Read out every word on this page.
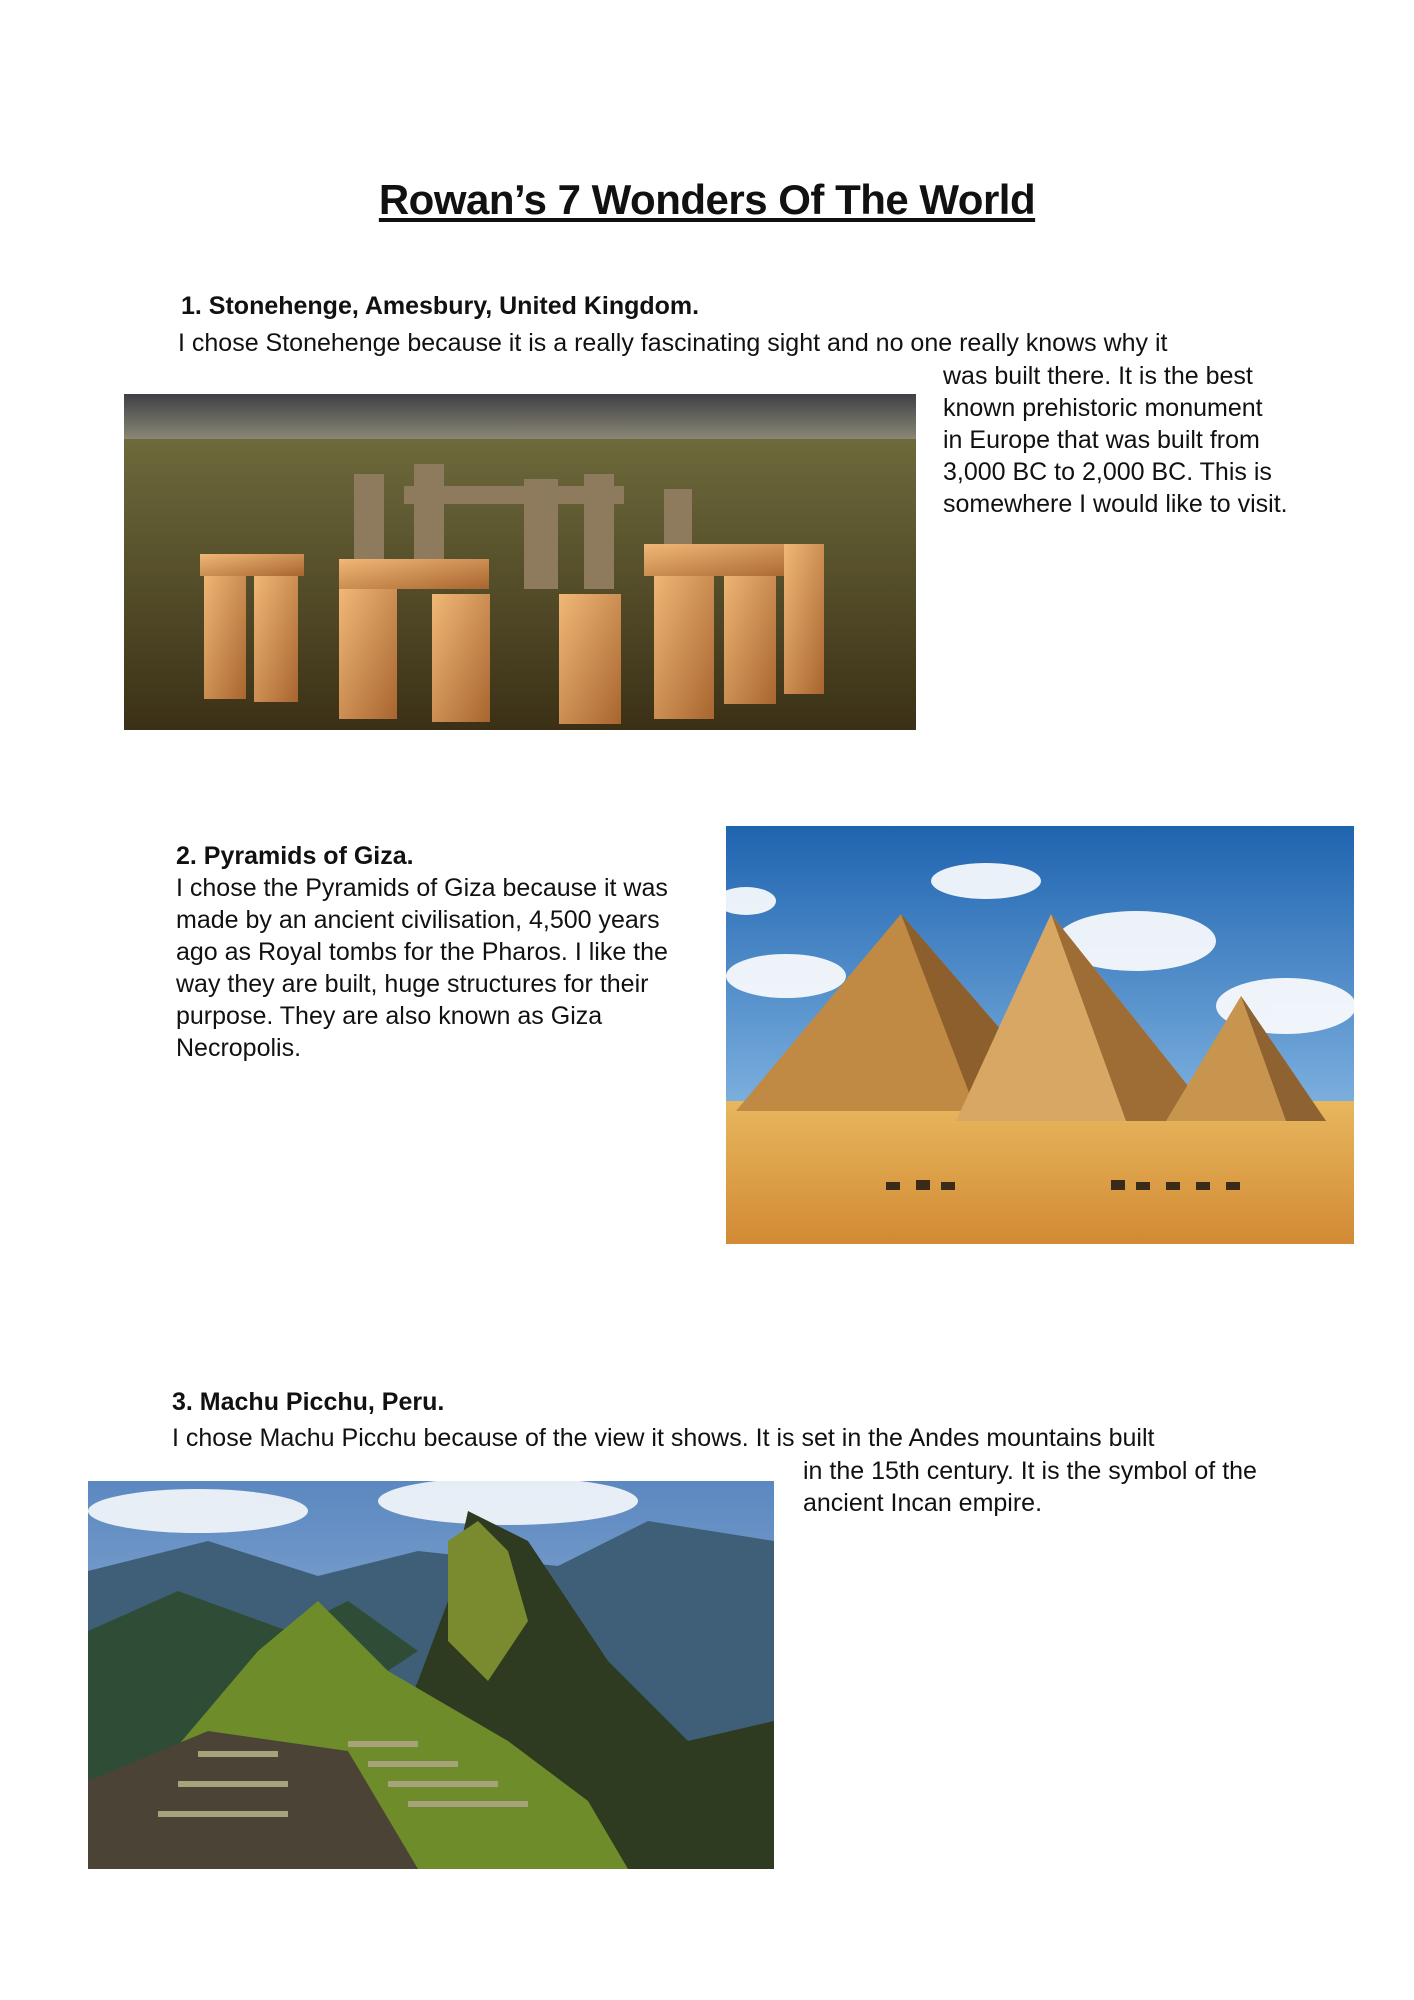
Rowan’s 7 Wonders Of The World
1. Stonehenge, Amesbury, United Kingdom.

I chose Stonehenge because it is a really fascinating sight and no one really knows why it

was built there. It is the best known prehistoric monument in Europe that was built from 3,000 BC to 2,000 BC. This is somewhere I would like to visit.

2. Pyramids of Giza.

I chose the Pyramids of Giza because it was made by an ancient civilisation, 4,500 years ago as Royal tombs for the Pharos. I like the way they are built, huge structures for their purpose. They are also known as Giza Necropolis.

3. Machu Picchu, Peru.

I chose Machu Picchu because of the view it shows. It is set in the Andes mountains built

in the 15th century. It is the symbol of the ancient Incan empire.
